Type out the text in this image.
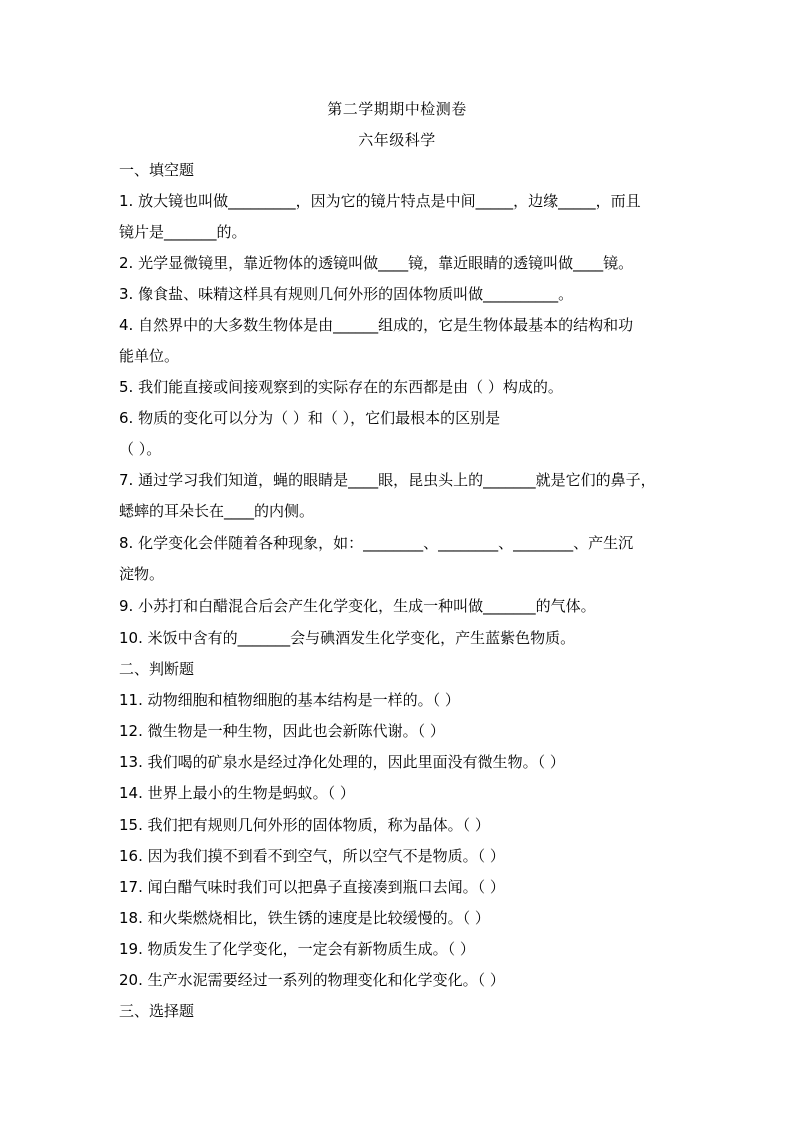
第二学期期中检测卷
六年级科学
一、填空题
1. 放大镜也叫做_________，因为它的镜片特点是中间_____，边缘_____，而且
镜片是_______的。
2. 光学显微镜里，靠近物体的透镜叫做____镜，靠近眼睛的透镜叫做____镜。
3. 像食盐、味精这样具有规则几何外形的固体物质叫做__________。
4. 自然界中的大多数生物体是由______组成的，它是生物体最基本的结构和功
能单位。
5. 我们能直接或间接观察到的实际存在的东西都是由（ ）构成的。
6. 物质的变化可以分为（ ）和（ ），它们最根本的区别是
（ ）。
7. 通过学习我们知道，蝇的眼睛是____眼，昆虫头上的_______就是它们的鼻子，
蟋蟀的耳朵长在____的内侧。
8. 化学变化会伴随着各种现象，如：________、________、________、产生沉
淀物。
9. 小苏打和白醋混合后会产生化学变化，生成一种叫做_______的气体。
10. 米饭中含有的_______会与碘酒发生化学变化，产生蓝紫色物质。
二、判断题
11. 动物细胞和植物细胞的基本结构是一样的。（ ）
12. 微生物是一种生物，因此也会新陈代谢。（ ）
13. 我们喝的矿泉水是经过净化处理的，因此里面没有微生物。（ ）
14. 世界上最小的生物是蚂蚁。（ ）
15. 我们把有规则几何外形的固体物质，称为晶体。（ ）
16. 因为我们摸不到看不到空气，所以空气不是物质。（ ）
17. 闻白醋气味时我们可以把鼻子直接凑到瓶口去闻。（ ）
18. 和火柴燃烧相比，铁生锈的速度是比较缓慢的。（ ）
19. 物质发生了化学变化，一定会有新物质生成。（ ）
20. 生产水泥需要经过一系列的物理变化和化学变化。（ ）
三、选择题
